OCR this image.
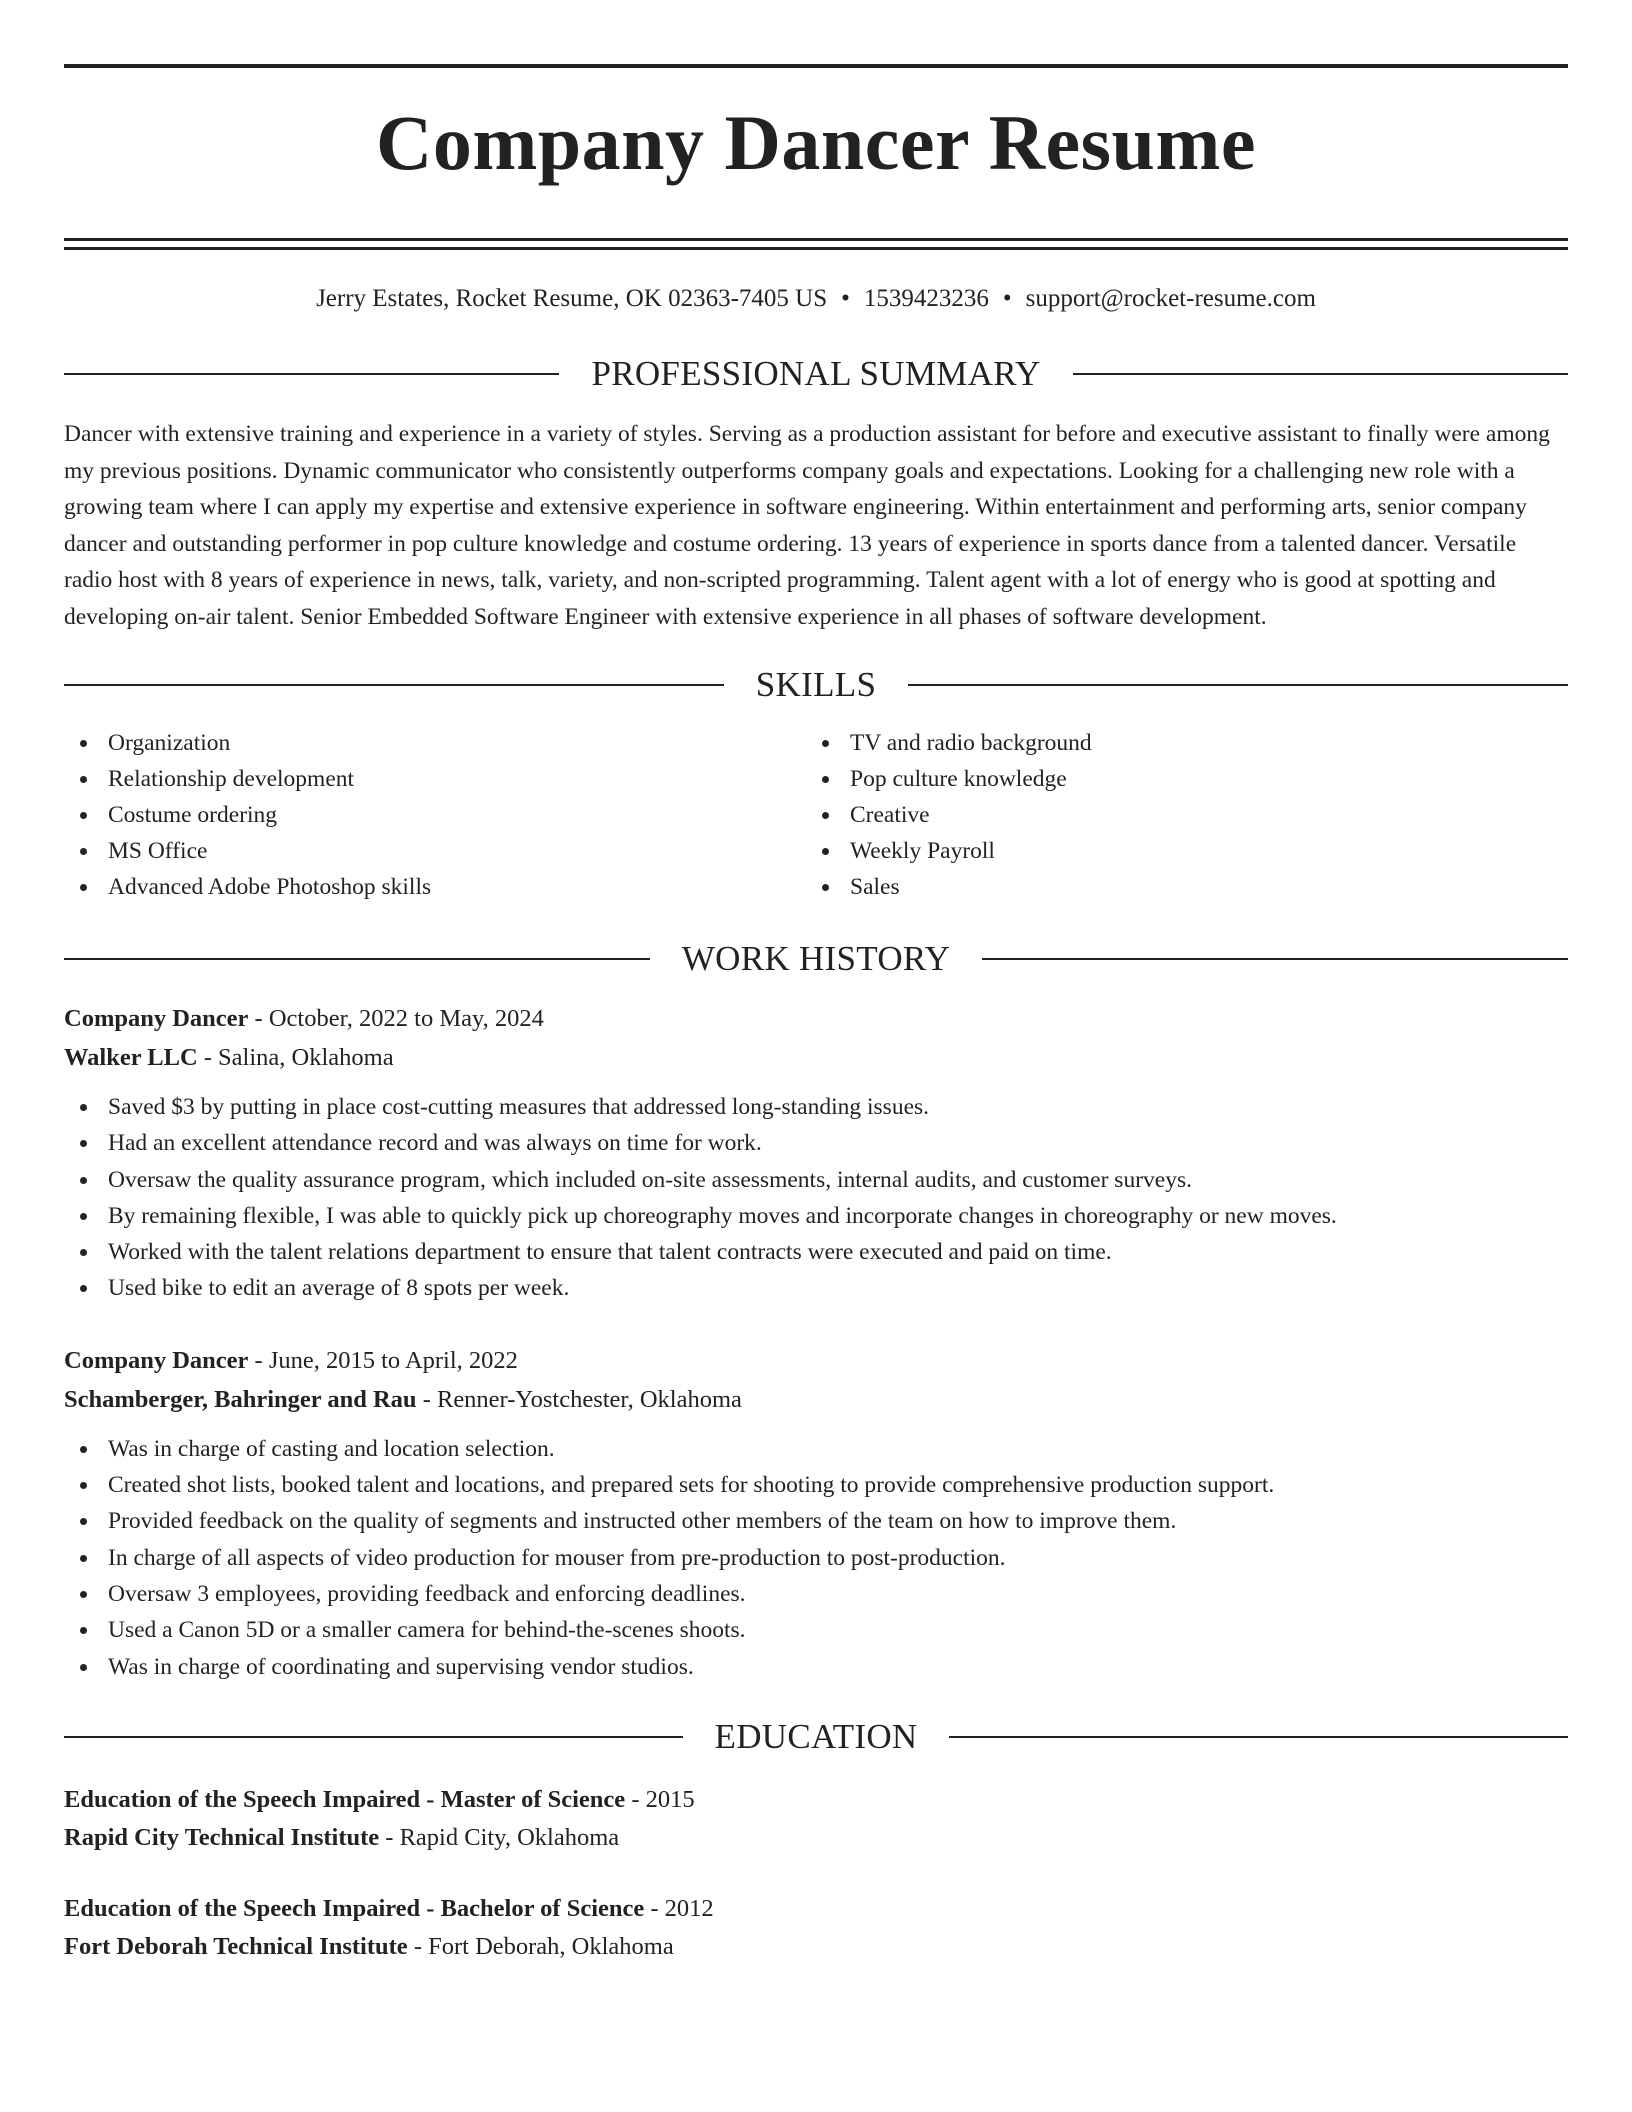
Company Dancer Resume
Jerry Estates, Rocket Resume, OK 02363-7405 US • 1539423236 • support@rocket-resume.com
PROFESSIONAL SUMMARY

Dancer with extensive training and experience in a variety of styles. Serving as a production assistant for before and executive assistant to finally were among my previous positions. Dynamic communicator who consistently outperforms company goals and expectations. Looking for a challenging new role with a growing team where I can apply my expertise and extensive experience in software engineering. Within entertainment and performing arts, senior company dancer and outstanding performer in pop culture knowledge and costume ordering. 13 years of experience in sports dance from a talented dancer. Versatile radio host with 8 years of experience in news, talk, variety, and non-scripted programming. Talent agent with a lot of energy who is good at spotting and developing on-air talent. Senior Embedded Software Engineer with extensive experience in all phases of software development.

SKILLS
Organization
Relationship development
Costume ordering
MS Office
Advanced Adobe Photoshop skills
TV and radio background
Pop culture knowledge
Creative
Weekly Payroll
Sales
WORK HISTORY
Company Dancer - October, 2022 to May, 2024
Walker LLC - Salina, Oklahoma
Saved $3 by putting in place cost-cutting measures that addressed long-standing issues.
Had an excellent attendance record and was always on time for work.
Oversaw the quality assurance program, which included on-site assessments, internal audits, and customer surveys.
By remaining flexible, I was able to quickly pick up choreography moves and incorporate changes in choreography or new moves.
Worked with the talent relations department to ensure that talent contracts were executed and paid on time.
Used bike to edit an average of 8 spots per week.
Company Dancer - June, 2015 to April, 2022
Schamberger, Bahringer and Rau - Renner-Yostchester, Oklahoma
Was in charge of casting and location selection.
Created shot lists, booked talent and locations, and prepared sets for shooting to provide comprehensive production support.
Provided feedback on the quality of segments and instructed other members of the team on how to improve them.
In charge of all aspects of video production for mouser from pre-production to post-production.
Oversaw 3 employees, providing feedback and enforcing deadlines.
Used a Canon 5D or a smaller camera for behind-the-scenes shoots.
Was in charge of coordinating and supervising vendor studios.
EDUCATION
Education of the Speech Impaired - Master of Science - 2015
Rapid City Technical Institute - Rapid City, Oklahoma
Education of the Speech Impaired - Bachelor of Science - 2012
Fort Deborah Technical Institute - Fort Deborah, Oklahoma
